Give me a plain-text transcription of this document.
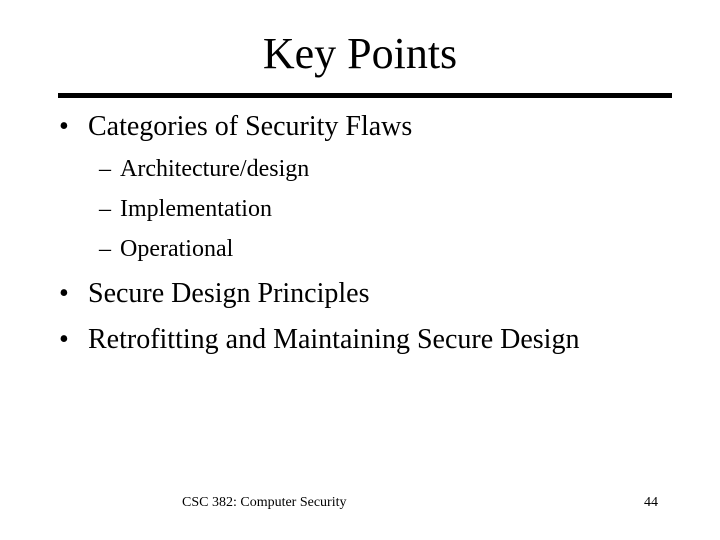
Key Points
• Categories of Security Flaws
– Architecture/design
– Implementation
– Operational
• Secure Design Principles
• Retrofitting and Maintaining Secure Design
CSC 382: Computer Security	44
